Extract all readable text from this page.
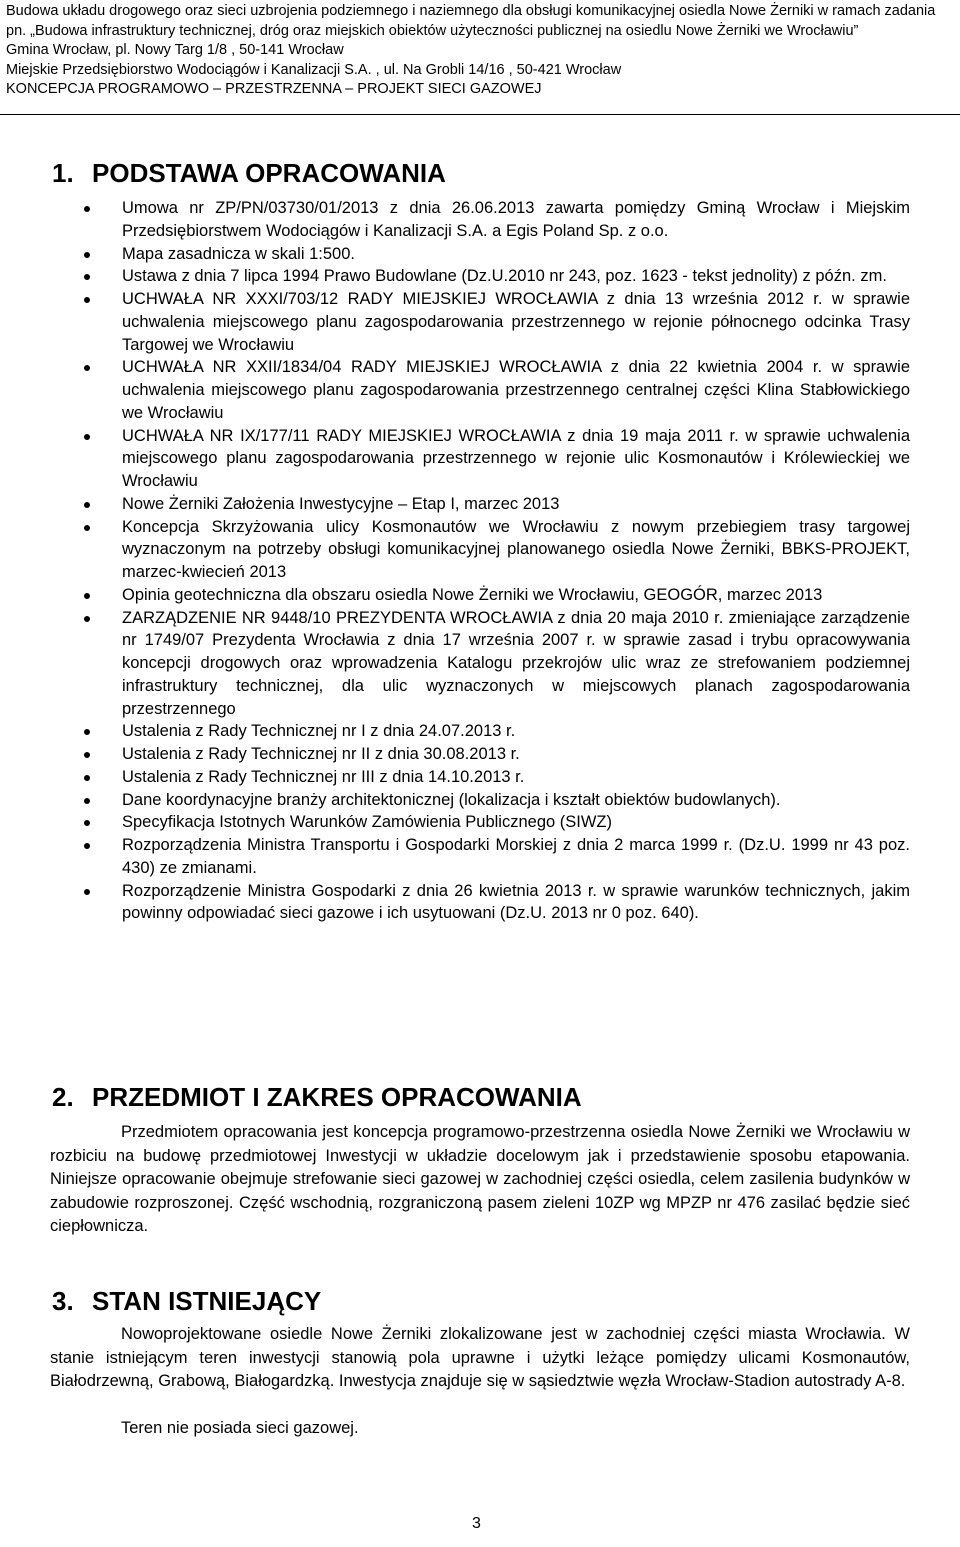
Budowa układu drogowego oraz sieci uzbrojenia podziemnego i naziemnego dla obsługi komunikacyjnej osiedla Nowe Żerniki w ramach zadania pn. „Budowa infrastruktury technicznej, dróg oraz miejskich obiektów użyteczności publicznej na osiedlu Nowe Żerniki we Wrocławiu”
Gmina Wrocław, pl. Nowy Targ 1/8 , 50-141 Wrocław
Miejskie Przedsiębiorstwo Wodociągów i Kanalizacji S.A. , ul. Na Grobli 14/16 , 50-421 Wrocław
KONCEPCJA PROGRAMOWO – PRZESTRZENNA – PROJEKT SIECI GAZOWEJ
1. PODSTAWA OPRACOWANIA
Umowa nr ZP/PN/03730/01/2013 z dnia 26.06.2013 zawarta pomiędzy Gminą Wrocław i Miejskim Przedsiębiorstwem Wodociągów i Kanalizacji S.A. a Egis Poland Sp. z o.o.
Mapa zasadnicza w skali 1:500.
Ustawa z dnia 7 lipca 1994 Prawo Budowlane (Dz.U.2010 nr 243, poz. 1623 - tekst jednolity) z późn. zm.
UCHWAŁA NR XXXI/703/12 RADY MIEJSKIEJ WROCŁAWIA z dnia 13 września 2012 r. w sprawie uchwalenia miejscowego planu zagospodarowania przestrzennego w rejonie północnego odcinka Trasy Targowej we Wrocławiu
UCHWAŁA NR XXII/1834/04 RADY MIEJSKIEJ WROCŁAWIA z dnia 22 kwietnia 2004 r. w sprawie uchwalenia miejscowego planu zagospodarowania przestrzennego centralnej części Klina Stabłowickiego we Wrocławiu
UCHWAŁA NR IX/177/11 RADY MIEJSKIEJ WROCŁAWIA z dnia 19 maja 2011 r. w sprawie uchwalenia miejscowego planu zagospodarowania przestrzennego w rejonie ulic Kosmonautów i Królewieckiej we Wrocławiu
Nowe Żerniki Założenia Inwestycyjne – Etap I, marzec 2013
Koncepcja Skrzyżowania ulicy Kosmonautów we Wrocławiu z nowym przebiegiem trasy targowej wyznaczonym na potrzeby obsługi komunikacyjnej planowanego osiedla Nowe Żerniki, BBKS-PROJEKT, marzec-kwiecień 2013
Opinia geotechniczna dla obszaru osiedla Nowe Żerniki we Wrocławiu, GEOGÓR, marzec 2013
ZARZĄDZENIE NR 9448/10 PREZYDENTA WROCŁAWIA z dnia 20 maja 2010 r. zmieniające zarządzenie nr 1749/07 Prezydenta Wrocławia z dnia 17 września 2007 r. w sprawie zasad i trybu opracowywania koncepcji drogowych oraz wprowadzenia Katalogu przekrojów ulic wraz ze strefowaniem podziemnej infrastruktury technicznej, dla ulic wyznaczonych w miejscowych planach zagospodarowania przestrzennego
Ustalenia z Rady Technicznej nr I z dnia 24.07.2013 r.
Ustalenia z Rady Technicznej nr II z dnia 30.08.2013 r.
Ustalenia z Rady Technicznej nr III z dnia 14.10.2013 r.
Dane koordynacyjne branży architektonicznej (lokalizacja i kształt obiektów budowlanych).
Specyfikacja Istotnych Warunków Zamówienia Publicznego (SIWZ)
Rozporządzenia Ministra Transportu i Gospodarki Morskiej z dnia 2 marca 1999 r. (Dz.U. 1999 nr 43 poz. 430) ze zmianami.
Rozporządzenie Ministra Gospodarki z dnia 26 kwietnia 2013 r. w sprawie warunków technicznych, jakim powinny odpowiadać sieci gazowe i ich usytuowani (Dz.U. 2013 nr 0 poz. 640).
2. PRZEDMIOT I ZAKRES OPRACOWANIA

Przedmiotem opracowania jest koncepcja programowo-przestrzenna osiedla Nowe Żerniki we Wrocławiu w rozbiciu na budowę przedmiotowej Inwestycji w układzie docelowym jak i przedstawienie sposobu etapowania. Niniejsze opracowanie obejmuje strefowanie sieci gazowej w zachodniej części osiedla, celem zasilenia budynków w zabudowie rozproszonej. Część wschodnią, rozgraniczoną pasem zieleni 10ZP wg MPZP nr 476 zasilać będzie sieć ciepłownicza.

3. STAN ISTNIEJĄCY

Nowoprojektowane osiedle Nowe Żerniki zlokalizowane jest w zachodniej części miasta Wrocławia. W stanie istniejącym teren inwestycji stanowią pola uprawne i użytki leżące pomiędzy ulicami Kosmonautów, Białodrzewną, Grabową, Białogardzką. Inwestycja znajduje się w sąsiedztwie węzła Wrocław-Stadion autostrady A-8.

Teren nie posiada sieci gazowej.

3
